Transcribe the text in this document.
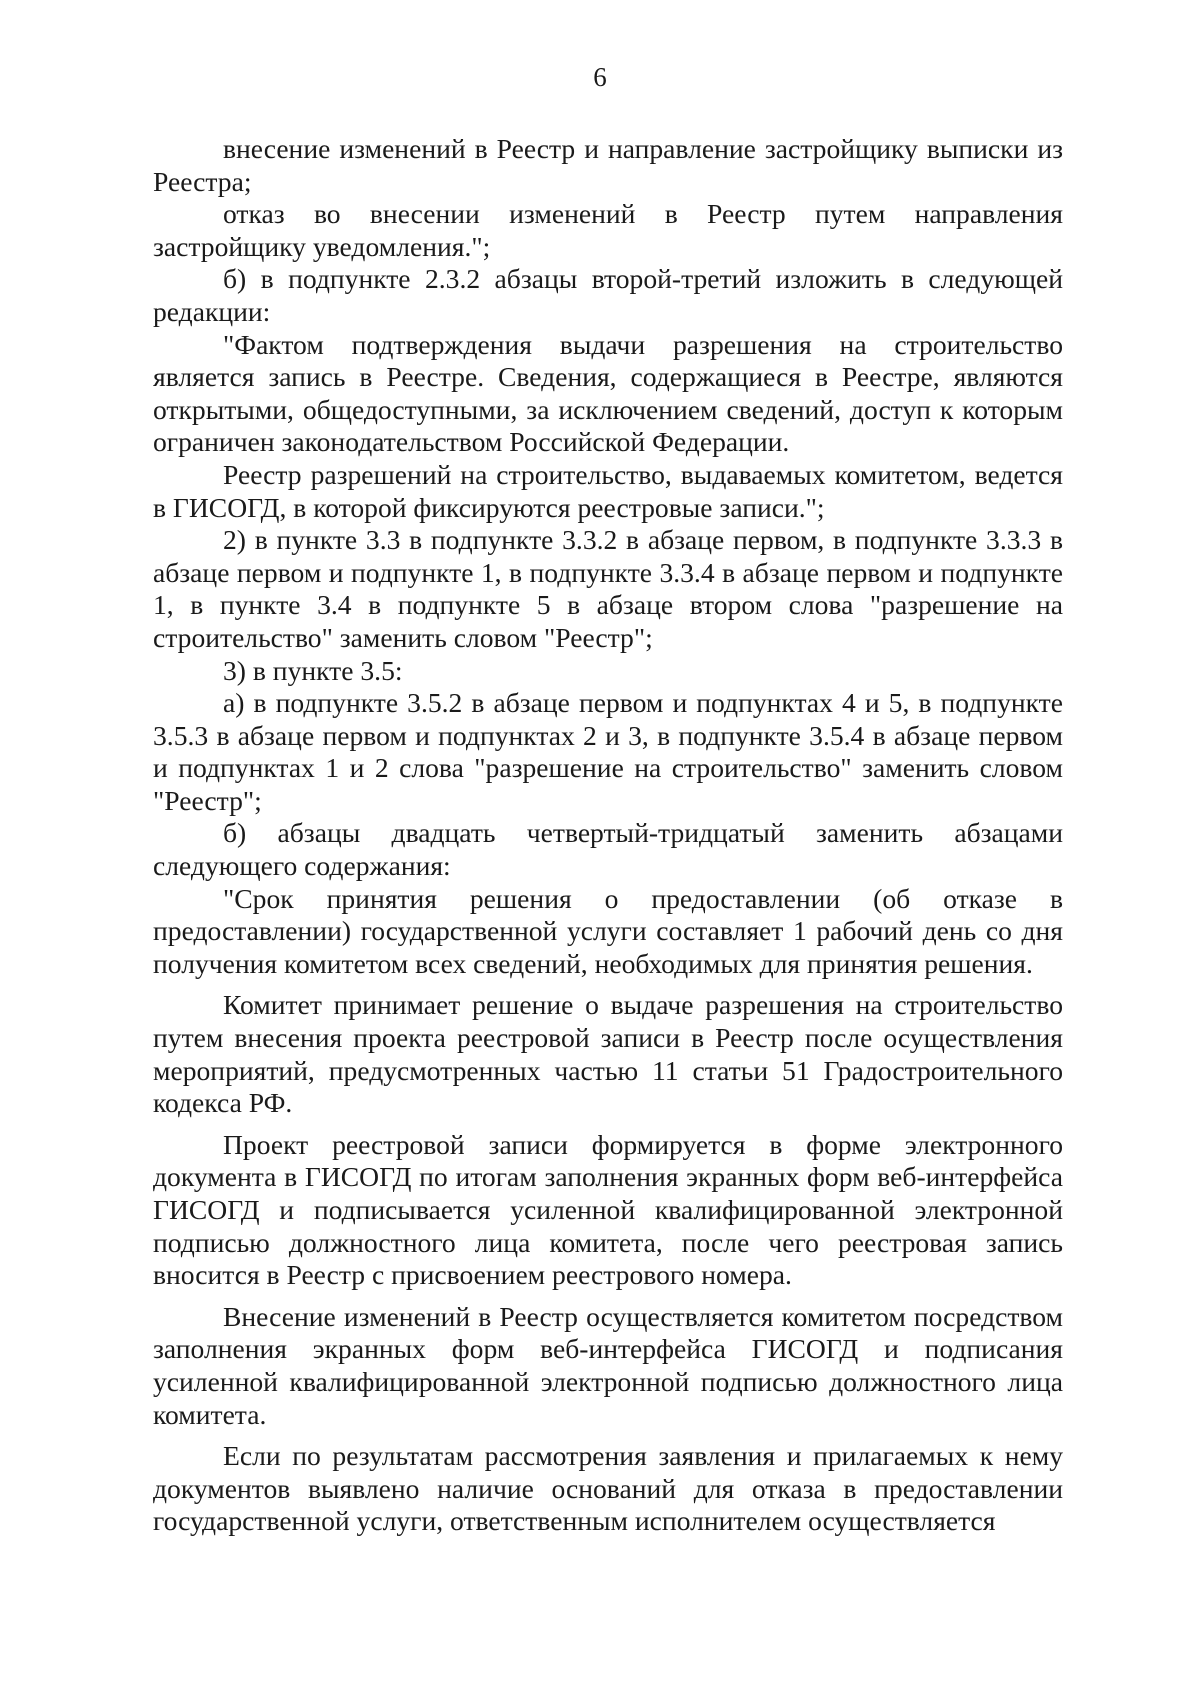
6

внесение изменений в Реестр и направление застройщику выписки из Реестра;

отказ во внесении изменений в Реестр путем направления застройщику уведомления.";

б) в подпункте 2.3.2 абзацы второй-третий изложить в следующей редакции:

"Фактом подтверждения выдачи разрешения на строительство является запись в Реестре. Сведения, содержащиеся в Реестре, являются открытыми, общедоступными, за исключением сведений, доступ к которым ограничен законодательством Российской Федерации.

Реестр разрешений на строительство, выдаваемых комитетом, ведется в ГИСОГД, в которой фиксируются реестровые записи.";

2) в пункте 3.3 в подпункте 3.3.2 в абзаце первом, в подпункте 3.3.3 в абзаце первом и подпункте 1, в подпункте 3.3.4 в абзаце первом и подпункте 1, в пункте 3.4 в подпункте 5 в абзаце втором слова "разрешение на строительство" заменить словом "Реестр";

3) в пункте 3.5:

а) в подпункте 3.5.2 в абзаце первом и подпунктах 4 и 5, в подпункте 3.5.3 в абзаце первом и подпунктах 2 и 3, в подпункте 3.5.4 в абзаце первом и подпунктах 1 и 2 слова "разрешение на строительство" заменить словом "Реестр";

б) абзацы двадцать четвертый-тридцатый заменить абзацами следующего содержания:

"Срок принятия решения о предоставлении (об отказе в предоставлении) государственной услуги составляет 1 рабочий день со дня получения комитетом всех сведений, необходимых для принятия решения.

Комитет принимает решение о выдаче разрешения на строительство путем внесения проекта реестровой записи в Реестр после осуществления мероприятий, предусмотренных частью 11 статьи 51 Градостроительного кодекса РФ.

Проект реестровой записи формируется в форме электронного документа в ГИСОГД по итогам заполнения экранных форм веб-интерфейса ГИСОГД и подписывается усиленной квалифицированной электронной подписью должностного лица комитета, после чего реестровая запись вносится в Реестр с присвоением реестрового номера.

Внесение изменений в Реестр осуществляется комитетом посредством заполнения экранных форм веб-интерфейса ГИСОГД и подписания усиленной квалифицированной электронной подписью должностного лица комитета.

Если по результатам рассмотрения заявления и прилагаемых к нему документов выявлено наличие оснований для отказа в предоставлении государственной услуги, ответственным исполнителем осуществляется
